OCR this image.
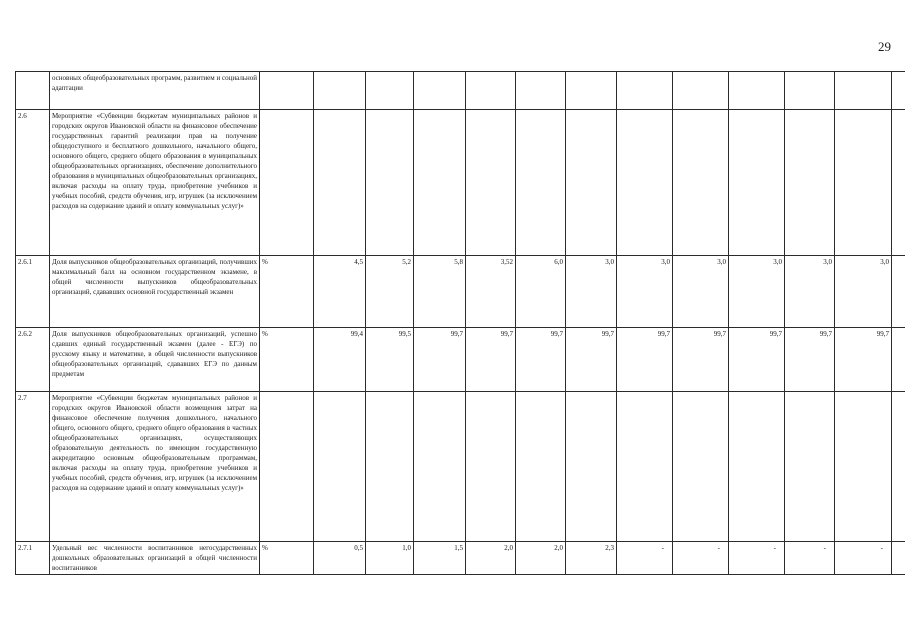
29
	основных общеобразовательных программ, развитием и социальной адаптации													
2.6	Мероприятие «Субвенции бюджетам муниципальных районов и городских округов Ивановской области на финансовое обеспечение государственных гарантий реализации прав на получение общедоступного и бесплатного дошкольного, начального общего, основного общего, среднего общего образования в муниципальных общеобразовательных организациях, обеспечение дополнительного образования в муниципальных общеобразовательных организациях, включая расходы на оплату труда, приобретение учебников и учебных пособий, средств обучения, игр, игрушек (за исключением расходов на содержание зданий и оплату коммунальных услуг)»													
2.6.1	Доля выпускников общеобразовательных организаций, получивших максимальный балл на основном государственном экзамене, в общей численности выпускников общеобразовательных организаций, сдававших основной государственный экзамен	%	4,5	5,2	5,8	3,52	6,0	3,0	3,0	3,0	3,0	3,0	3,0	
2.6.2	Доля выпускников общеобразовательных организаций, успешно сдавших единый государственный экзамен (далее - ЕГЭ) по русскому языку и математике, в общей численности выпускников общеобразовательных организаций, сдававших ЕГЭ по данным предметам	%	99,4	99,5	99,7	99,7	99,7	99,7	99,7	99,7	99,7	99,7	99,7	
2.7	Мероприятие «Субвенции бюджетам муниципальных районов и городских округов Ивановской области возмещения затрат на финансовое обеспечение получения дошкольного, начального общего, основного общего, среднего общего образования в частных общеобразовательных организациях, осуществляющих образовательную деятельность по имеющим государственную аккредитацию основным общеобразовательным программам, включая расходы на оплату труда, приобретение учебников и учебных пособий, средств обучения, игр, игрушек (за исключением расходов на содержание зданий и оплату коммунальных услуг)»													
2.7.1	Удельный вес численности воспитанников негосударственных дошкольных образовательных организаций в общей численности воспитанников	%	0,5	1,0	1,5	2,0	2,0	2,3	-	-	-	-	-	
